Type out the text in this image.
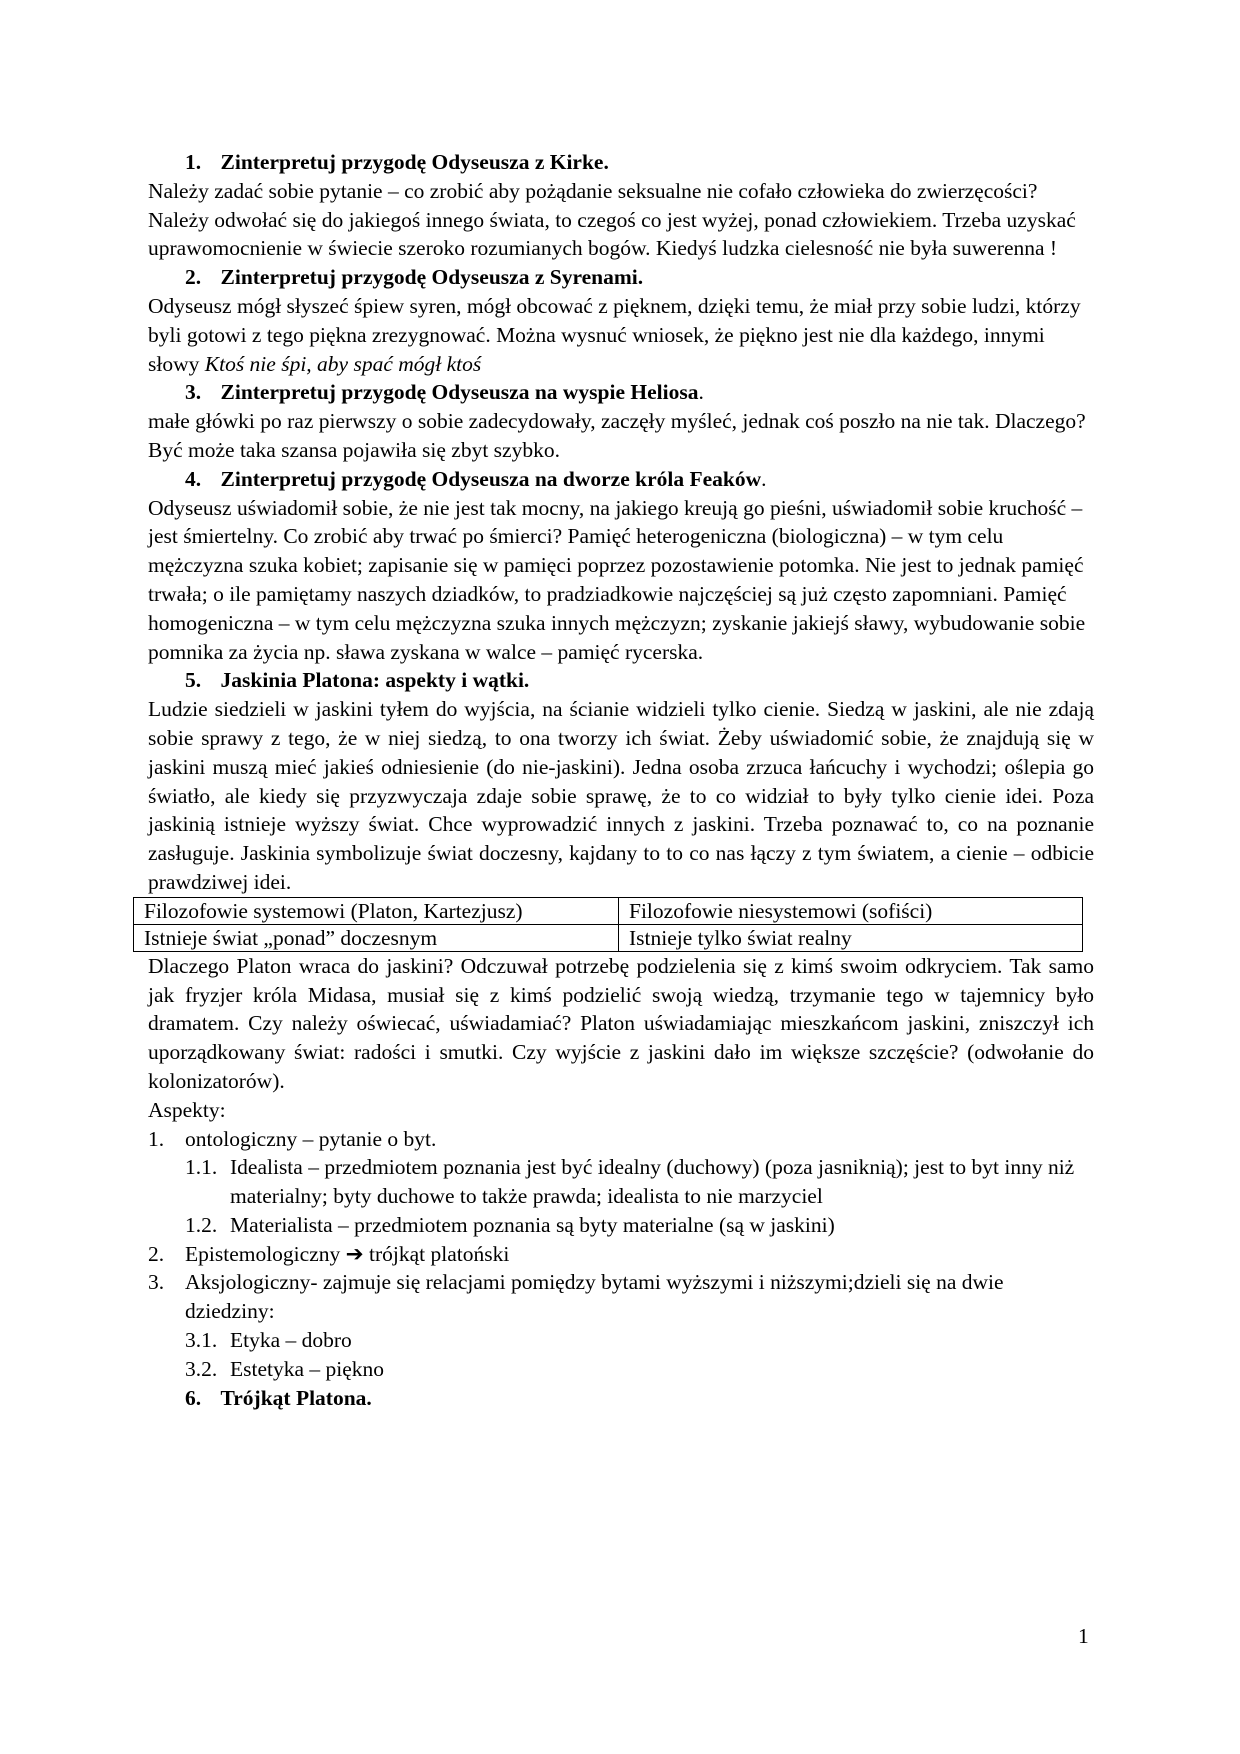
1. Zinterpretuj przygodę Odyseusza z Kirke.

Należy zadać sobie pytanie – co zrobić aby pożądanie seksualne nie cofało człowieka do zwierzęcości? Należy odwołać się do jakiegoś innego świata, to czegoś co jest wyżej, ponad człowiekiem. Trzeba uzyskać uprawomocnienie w świecie szeroko rozumianych bogów. Kiedyś ludzka cielesność nie była suwerenna !

2. Zinterpretuj przygodę Odyseusza z Syrenami.

Odyseusz mógł słyszeć śpiew syren, mógł obcować z pięknem, dzięki temu, że miał przy sobie ludzi, którzy byli gotowi z tego piękna zrezygnować. Można wysnuć wniosek, że piękno jest nie dla każdego, innymi słowy Ktoś nie śpi, aby spać mógł ktoś

3. Zinterpretuj przygodę Odyseusza na wyspie Heliosa.

małe główki po raz pierwszy o sobie zadecydowały, zaczęły myśleć, jednak coś poszło na nie tak. Dlaczego? Być może taka szansa pojawiła się zbyt szybko.

4. Zinterpretuj przygodę Odyseusza na dworze króla Feaków.

Odyseusz uświadomił sobie, że nie jest tak mocny, na jakiego kreują go pieśni, uświadomił sobie kruchość – jest śmiertelny. Co zrobić aby trwać po śmierci? Pamięć heterogeniczna (biologiczna) – w tym celu mężczyzna szuka kobiet; zapisanie się w pamięci poprzez pozostawienie potomka. Nie jest to jednak pamięć trwała; o ile pamiętamy naszych dziadków, to pradziadkowie najczęściej są już często zapomniani. Pamięć homogeniczna – w tym celu mężczyzna szuka innych mężczyzn; zyskanie jakiejś sławy, wybudowanie sobie pomnika za życia np. sława zyskana w walce – pamięć rycerska.

5. Jaskinia Platona: aspekty i wątki.

Ludzie siedzieli w jaskini tyłem do wyjścia, na ścianie widzieli tylko cienie. Siedzą w jaskini, ale nie zdają sobie sprawy z tego, że w niej siedzą, to ona tworzy ich świat. Żeby uświadomić sobie, że znajdują się w jaskini muszą mieć jakieś odniesienie (do nie-jaskini). Jedna osoba zrzuca łańcuchy i wychodzi; oślepia go światło, ale kiedy się przyzwyczaja zdaje sobie sprawę, że to co widział to były tylko cienie idei. Poza jaskinią istnieje wyższy świat. Chce wyprowadzić innych z jaskini. Trzeba poznawać to, co na poznanie zasługuje. Jaskinia symbolizuje świat doczesny, kajdany to to co nas łączy z tym światem, a cienie – odbicie prawdziwej idei.

Filozofowie systemowi (Platon, Kartezjusz)	Filozofowie niesystemowi (sofiści)
Istnieje świat „ponad” doczesnym	Istnieje tylko świat realny

Dlaczego Platon wraca do jaskini? Odczuwał potrzebę podzielenia się z kimś swoim odkryciem. Tak samo jak fryzjer króla Midasa, musiał się z kimś podzielić swoją wiedzą, trzymanie tego w tajemnicy było dramatem. Czy należy oświecać, uświadamiać? Platon uświadamiając mieszkańcom jaskini, zniszczył ich uporządkowany świat: radości i smutki. Czy wyjście z jaskini dało im większe szczęście? (odwołanie do kolonizatorów).

Aspekty:
1. ontologiczny – pytanie o byt.
1.1. Idealista – przedmiotem poznania jest być idealny (duchowy) (poza jasniknią); jest to byt inny niż materialny; byty duchowe to także prawda; idealista to nie marzyciel
1.2. Materialista – przedmiotem poznania są byty materialne (są w jaskini)
2. Epistemologiczny ➔ trójkąt platoński
3. Aksjologiczny- zajmuje się relacjami pomiędzy bytami wyższymi i niższymi;dzieli się na dwie dziedziny:
3.1. Etyka – dobro
3.2. Estetyka – piękno
6. Trójkąt Platona.
1
